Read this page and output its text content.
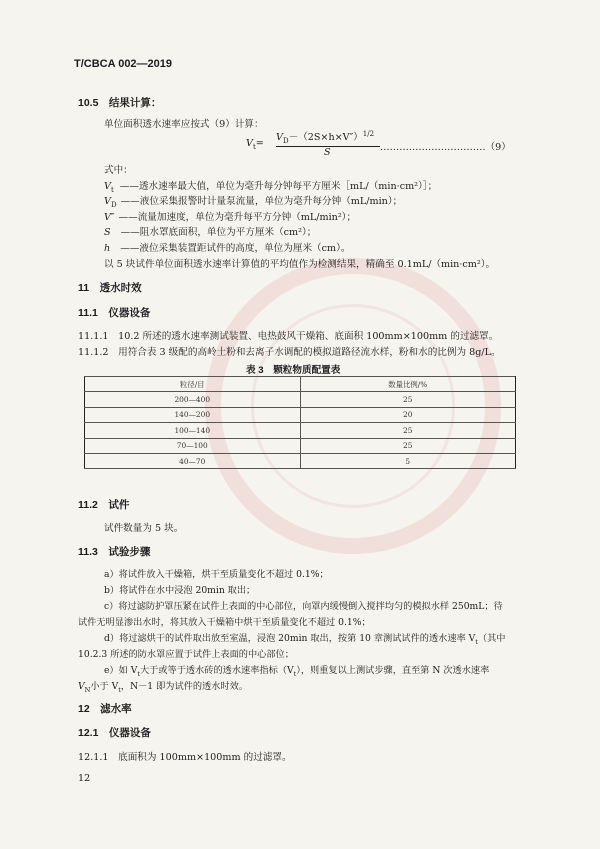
T/CBCA 002—2019
10.5　结果计算：
单位面积透水速率应按式（9）计算：
$V_t=$
$V_D-(2S\times h\times V'')^{1/2}$
S	……………………………（9）
式中：
$V_t$ ——透水速率最大值，单位为毫升每分钟每平方厘米［mL/（min·cm²）］；
$V_D$ ——液位采集报警时计量泵流量，单位为毫升每分钟（mL/min）；
V″ ——流量加速度，单位为毫升每平方分钟（mL/min²）；
S ——阻水罩底面积，单位为平方厘米（cm²）；
h ——液位采集装置距试件的高度，单位为厘米（cm）。
以 5 块试件单位面积透水速率计算值的平均值作为检测结果，精确至 0.1mL/（min·cm²）。
11　透水时效
11.1　仪器设备
11.1.1　10.2 所述的透水速率测试装置、电热鼓风干燥箱、底面积 100mm×100mm 的过滤罩。
11.1.2　用符合表 3 级配的高岭土粉和去离子水调配的模拟道路径流水样，粉和水的比例为 8g/L。
表 3　颗粒物质配置表
粒径/目	数量比例/%
200—400	25
140—200	20
100—140	25
70—100	25
40—70	5
11.2　试件
试件数量为 5 块。
11.3　试验步骤
a）将试件放入干燥箱，烘干至质量变化不超过 0.1%；
b）将试件在水中浸泡 20min 取出；
c）将过滤防护罩压紧在试件上表面的中心部位，向罩内缓慢倒入搅拌均匀的模拟水样 250mL；待
试件无明显渗出水时，将其放入干燥箱中烘干至质量变化不超过 0.1%；
d）将过滤烘干的试件取出放至室温，浸泡 20min 取出，按第 10 章测试试件的透水速率 $V_t$（其中
10.2.3 所述的防水罩应置于试件上表面的中心部位；
e）如 $V_t$大于或等于透水砖的透水速率指标$(V_t)$，则重复以上测试步骤，直至第 N 次透水速率
$V_N$小于 $V_t$，N－1 即为试件的透水时效。
12　滤水率
12.1　仪器设备
12.1.1　底面积为 100mm×100mm 的过滤罩。
12
